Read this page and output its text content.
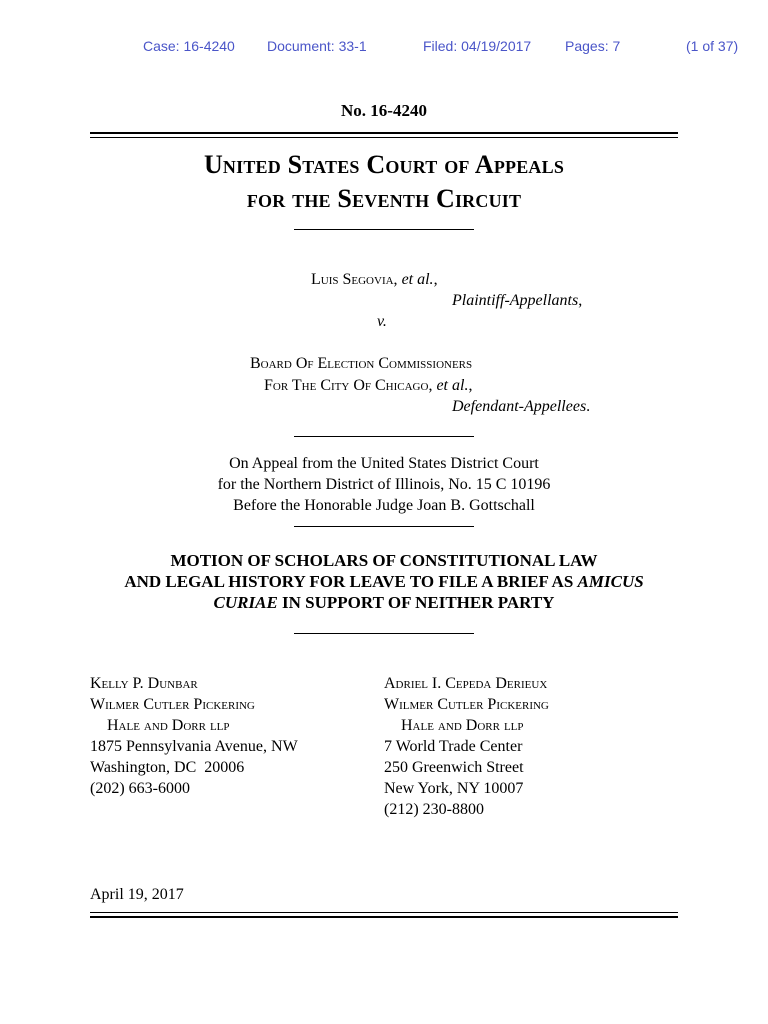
Case: 16-4240 Document: 33-1	Filed: 04/19/2017 Pages: 7	(1 of 37)
No. 16-4240
United States Court of Appeals
for the Seventh Circuit
Luis Segovia, et al.,
Plaintiff-Appellants,
v.
Board Of Election Commissioners
For The City Of Chicago, et al.,
Defendant-Appellees.
On Appeal from the United States District Court
for the Northern District of Illinois, No. 15 C 10196
Before the Honorable Judge Joan B. Gottschall
MOTION OF SCHOLARS OF CONSTITUTIONAL LAW
AND LEGAL HISTORY FOR LEAVE TO FILE A BRIEF AS AMICUS
CURIAE IN SUPPORT OF NEITHER PARTY
Kelly P. Dunbar
Wilmer Cutler Pickering
Hale and Dorr llp
1875 Pennsylvania Avenue, NW
Washington, DC  20006
(202) 663-6000
Adriel I. Cepeda Derieux
Wilmer Cutler Pickering
Hale and Dorr llp
7 World Trade Center
250 Greenwich Street
New York, NY 10007
(212) 230-8800
April 19, 2017
